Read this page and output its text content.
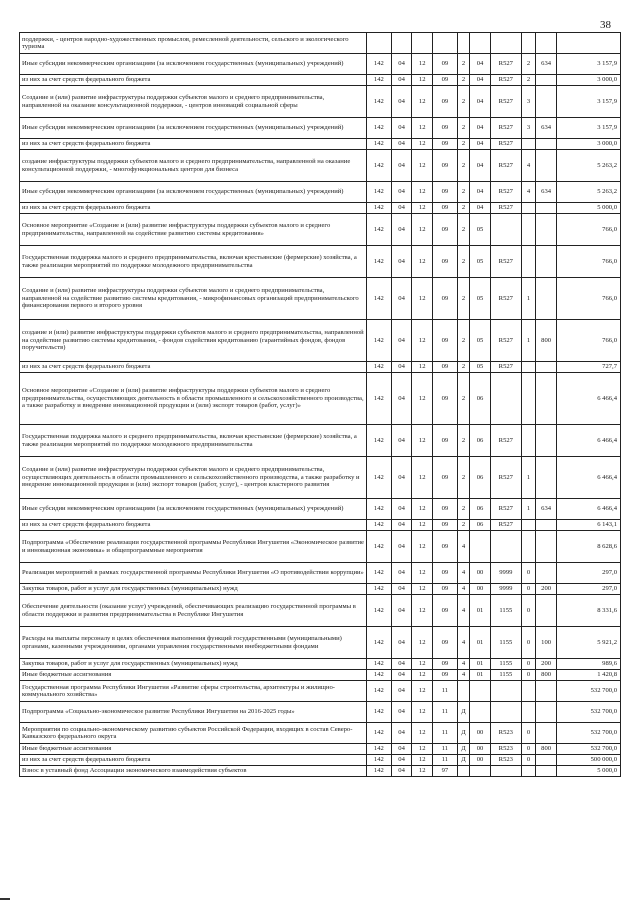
38
поддержки, - центров народно-художественных промыслов, ремесленной деятельности, сельского и экологического туризма										
Иные субсидии некоммерческим организациям (за исключением государственных (муниципальных) учреждений)	142	04	12	09	2	04	R527	2	634	3 157,9
из них за счет средств федерального бюджета	142	04	12	09	2	04	R527	2		3 000,0
Создание и (или) развитие инфраструктуры поддержки субъектов малого и среднего предпринимательства, направленной на оказание консультационной поддержки, - центров инноваций социальной сферы	142	04	12	09	2	04	R527	3		3 157,9
Иные субсидии некоммерческим организациям (за исключением государственных (муниципальных) учреждений)	142	04	12	09	2	04	R527	3	634	3 157,9
из них за счет средств федерального бюджета	142	04	12	09	2	04	R527			3 000,0
создание инфраструктуры поддержки субъектов малого и среднего предпринимательства, направленной на оказание консультационной поддержки, - многофункциональных центров для бизнеса	142	04	12	09	2	04	R527	4		5 263,2
Иные субсидии некоммерческим организациям (за исключением государственных (муниципальных) учреждений)	142	04	12	09	2	04	R527	4	634	5 263,2
из них за счет средств федерального бюджета	142	04	12	09	2	04	R527			5 000,0
Основное мероприятие «Создание и (или) развитие инфраструктуры поддержки субъектов малого и среднего предпринимательства, направленной на содействие развитию системы кредитования»	142	04	12	09	2	05				766,0
Государственная поддержка малого и среднего предпринимательства, включая крестьянские (фермерские) хозяйства, а также реализация мероприятий по поддержке молодежного предпринимательства	142	04	12	09	2	05	R527			766,0
Создание и (или) развитие инфраструктуры поддержки субъектов малого и среднего предпринимательства, направленной на содействие развитию системы кредитования, - микрофинансовых организаций предпринимательского финансирования первого и второго уровня	142	04	12	09	2	05	R527	1		766,0
создание и (или) развитие инфраструктуры поддержки субъектов малого и среднего предпринимательства, направленной на содействие развитию системы кредитования, - фондов содействия кредитованию (гарантийных фондов, фондов поручительств)	142	04	12	09	2	05	R527	1	800	766,0
из них за счет средств федерального бюджета	142	04	12	09	2	05	R527			727,7
Основное мероприятие «Создание и (или) развитие инфраструктуры поддержки субъектов малого и среднего предпринимательства, осуществляющих деятельность в области промышленного и сельскохозяйственного производства, а также разработку и внедрение инновационной продукции и (или) экспорт товаров (работ, услуг)»	142	04	12	09	2	06				6 466,4
Государственная поддержка малого и среднего предпринимательства, включая крестьянские (фермерские) хозяйства, а также реализация мероприятий по поддержке молодежного предпринимательства	142	04	12	09	2	06	R527			6 466,4
Создание и (или) развитие инфраструктуры поддержки субъектов малого и среднего предпринимательства, осуществляющих деятельность в области промышленного и сельскохозяйственного производства, а также разработку и внедрение инновационной продукции и (или) экспорт товаров (работ, услуг), - центров кластерного развития	142	04	12	09	2	06	R527	1		6 466,4
Иные субсидии некоммерческим организациям (за исключением государственных (муниципальных) учреждений)	142	04	12	09	2	06	R527	1	634	6 466,4
из них за счет средств федерального бюджета	142	04	12	09	2	06	R527			6 143,1
Подпрограмма «Обеспечение реализации государственной программы Республики Ингушетия «Экономическое развитие и инновационная экономика» и общепрограммные мероприятия	142	04	12	09	4					8 628,6
Реализация мероприятий в рамках государственной программы Республики Ингушетия «О противодействии коррупции»	142	04	12	09	4	00	9999	0		297,0
Закупка товаров, работ и услуг для государственных (муниципальных) нужд	142	04	12	09	4	00	9999	0	200	297,0
Обеспечение деятельности (оказание услуг) учреждений, обеспечивающих реализацию государственной программы в области поддержки и развития предпринимательства в Республике Ингушетия	142	04	12	09	4	01	1155	0		8 331,6
Расходы на выплаты персоналу в целях обеспечения выполнения функций государственными (муниципальными) органами, казенными учреждениями, органами управления государственными внебюджетными фондами	142	04	12	09	4	01	1155	0	100	5 921,2
Закупка товаров, работ и услуг для государственных (муниципальных) нужд	142	04	12	09	4	01	1155	0	200	989,6
Иные бюджетные ассигнования	142	04	12	09	4	01	1155	0	800	1 420,8
Государственная программа Республики Ингушетия «Развитие сферы строительства, архитектуры и жилищно-коммунального хозяйства»	142	04	12	11						532 700,0
Подпрограмма «Социально-экономическое развитие Республики Ингушетия на 2016-2025 годы»	142	04	12	11	Д					532 700,0
Мероприятия по социально-экономическому развитию субъектов Российской Федерации, входящих в состав Северо-Кавказского федерального округа	142	04	12	11	Д	00	R523	0		532 700,0
Иные бюджетные ассигнования	142	04	12	11	Д	00	R523	0	800	532 700,0
из них за счет средств федерального бюджета	142	04	12	11	Д	00	R523	0		500 000,0
Взнос в уставный фонд Ассоциации экономического взаимодействия субъектов	142	04	12	97						5 000,0
